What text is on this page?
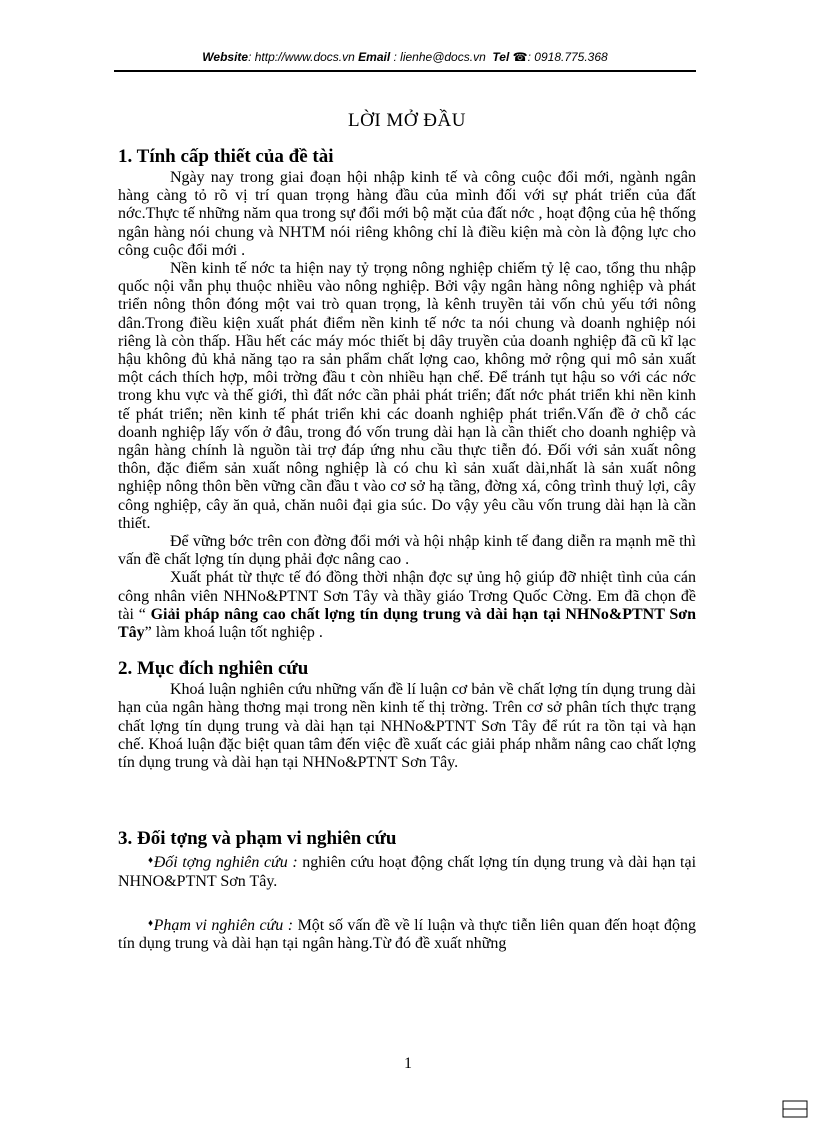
Website: http://www.docs.vn Email : lienhe@docs.vn Tel ☎: 0918.775.368
LỜI MỞ ĐẦU
1. Tính cấp thiết của đề tài

Ngày nay trong giai đoạn hội nhập kinh tế và công cuộc đổi mới, ngành ngân hàng càng tỏ rõ vị trí quan trọng hàng đầu của mình đối với sự phát triển của đất nớc.Thực tế những năm qua trong sự đổi mới bộ mặt của đất nớc , hoạt động của hệ thống ngân hàng nói chung và NHTM nói riêng không chỉ là điều kiện mà còn là động lực cho công cuộc đổi mới .

Nền kinh tế nớc ta hiện nay tỷ trọng nông nghiệp chiếm tỷ lệ cao, tổng thu nhập quốc nội vẫn phụ thuộc nhiều vào nông nghiệp. Bởi vậy ngân hàng nông nghiệp và phát triển nông thôn đóng một vai trò quan trọng, là kênh truyền tải vốn chủ yếu tới nông dân.Trong điều kiện xuất phát điểm nền kinh tế nớc ta nói chung và doanh nghiệp nói riêng là còn thấp. Hầu hết các máy móc thiết bị dây truyền của doanh nghiệp đã cũ kĩ lạc hậu không đủ khả năng tạo ra sản phẩm chất lợng cao, không mở rộng qui mô sản xuất một cách thích hợp, môi trờng đầu t còn nhiều hạn chế. Để tránh tụt hậu so với các nớc trong khu vực và thế giới, thì đất nớc cần phải phát triển; đất nớc phát triển khi nền kinh tế phát triển; nền kinh tế phát triển khi các doanh nghiệp phát triển.Vấn đề ở chỗ các doanh nghiệp lấy vốn ở đâu, trong đó vốn trung dài hạn là cần thiết cho doanh nghiệp và ngân hàng chính là nguồn tài trợ đáp ứng nhu cầu thực tiễn đó. Đối với sản xuất nông thôn, đặc điểm sản xuất nông nghiệp là có chu kì sản xuất dài,nhất là sản xuất nông nghiệp nông thôn bền vững cần đầu t vào cơ sở hạ tầng, đờng xá, công trình thuỷ lợi, cây công nghiệp, cây ăn quả, chăn nuôi đại gia súc. Do vậy yêu cầu vốn trung dài hạn là cần thiết.

Để vững bớc trên con đờng đổi mới và hội nhập kinh tế đang diễn ra mạnh mẽ thì vấn đề chất lợng tín dụng phải đợc nâng cao .

Xuất phát từ thực tế đó đồng thời nhận đợc sự ủng hộ giúp đỡ nhiệt tình của cán công nhân viên NHNo&PTNT Sơn Tây và thầy giáo Trơng Quốc Cờng. Em đã chọn đề tài “ Giải pháp nâng cao chất lợng tín dụng trung và dài hạn tại NHNo&PTNT Sơn Tây” làm khoá luận tốt nghiệp .

2. Mục đích nghiên cứu

Khoá luận nghiên cứu những vấn đề lí luận cơ bản về chất lợng tín dụng trung dài hạn của ngân hàng thơng mại trong nền kinh tế thị trờng. Trên cơ sở phân tích thực trạng chất lợng tín dụng trung và dài hạn tại NHNo&PTNT Sơn Tây để rút ra tồn tại và hạn chế. Khoá luận đặc biệt quan tâm đến việc đề xuất các giải pháp nhằm nâng cao chất lợng tín dụng trung và dài hạn tại NHNo&PTNT Sơn Tây.

3. Đối tợng và phạm vi nghiên cứu

♦Đối tợng nghiên cứu : nghiên cứu hoạt động chất lợng tín dụng trung và dài hạn tại NHNO&PTNT Sơn Tây.

♦Phạm vi nghiên cứu : Một số vấn đề về lí luận và thực tiễn liên quan đến hoạt động tín dụng trung và dài hạn tại ngân hàng.Từ đó đề xuất những

1
